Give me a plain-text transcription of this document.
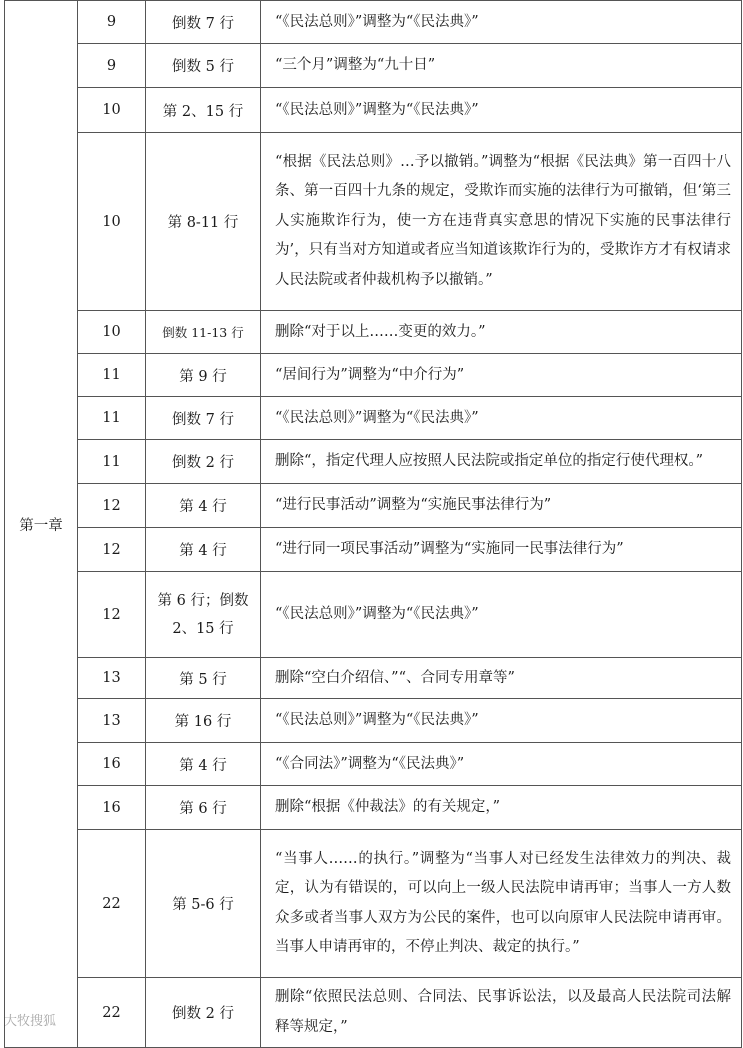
第一章	9	倒数 7 行	“《民法总则》”调整为“《民法典》”
	9	倒数 5 行	“三个月”调整为“九十日”
	10	第 2、15 行	“《民法总则》”调整为“《民法典》”
	10	第 8-11 行	“根据《民法总则》…予以撤销。”调整为“根据《民法典》第一百四十八条、第一百四十九条的规定，受欺诈而实施的法律行为可撤销，但‘第三人实施欺诈行为，使一方在违背真实意思的情况下实施的民事法律行为’，只有当对方知道或者应当知道该欺诈行为的，受欺诈方才有权请求人民法院或者仲裁机构予以撤销。”
	10	倒数 11-13 行	删除“对于以上……变更的效力。”
	11	第 9 行	“居间行为”调整为“中介行为”
	11	倒数 7 行	“《民法总则》”调整为“《民法典》”
	11	倒数 2 行	删除“，指定代理人应按照人民法院或指定单位的指定行使代理权。”
	12	第 4 行	“进行民事活动”调整为“实施民事法律行为”
	12	第 4 行	“进行同一项民事活动”调整为“实施同一民事法律行为”
	12	第 6 行；倒数 2、15 行	“《民法总则》”调整为“《民法典》”
	13	第 5 行	删除“空白介绍信、”“、合同专用章等”
	13	第 16 行	“《民法总则》”调整为“《民法典》”
	16	第 4 行	“《合同法》”调整为“《民法典》”
	16	第 6 行	删除“根据《仲裁法》的有关规定，”
	22	第 5-6 行	“当事人……的执行。”调整为“当事人对已经发生法律效力的判决、裁定，认为有错误的，可以向上一级人民法院申请再审；当事人一方人数众多或者当事人双方为公民的案件，也可以向原审人民法院申请再审。当事人申请再审的，不停止判决、裁定的执行。”
	22	倒数 2 行	删除“依照民法总则、合同法、民事诉讼法，以及最高人民法院司法解释等规定，”
大牧搜狐
